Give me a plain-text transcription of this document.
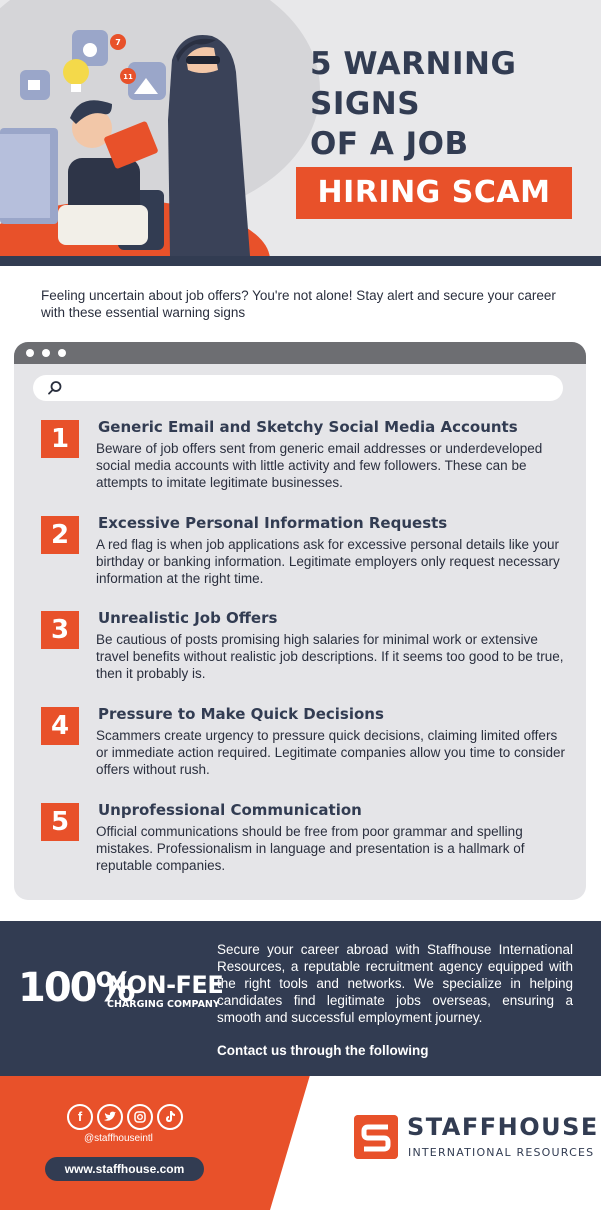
7
11	5 WARNING
SIGNS
OF A JOB
HIRING SCAM

Feeling uncertain about job offers? You're not alone! Stay alert and secure your career with these essential warning signs

1	Generic Email and Sketchy Social Media Accounts

Beware of job offers sent from generic email addresses or underdeveloped social media accounts with little activity and few followers. These can be attempts to imitate legitimate businesses.

2	Excessive Personal Information Requests

A red flag is when job applications ask for excessive personal details like your birthday or banking information. Legitimate employers only request necessary information at the right time.

3	Unrealistic Job Offers

Be cautious of posts promising high salaries for minimal work or extensive travel benefits without realistic job descriptions. If it seems too good to be true, then it probably is.

4	Pressure to Make Quick Decisions

Scammers create urgency to pressure quick decisions, claiming limited offers or immediate action required. Legitimate companies allow you time to consider offers without rush.

5	Unprofessional Communication

Official communications should be free from poor grammar and spelling mistakes. Professionalism in language and presentation is a hallmark of reputable companies.

100%
NON-FEE
CHARGING COMPANY

Secure your career abroad with Staffhouse International Resources, a reputable recruitment agency equipped with the right tools and networks. We specialize in helping candidates find legitimate jobs overseas, ensuring a smooth and successful employment journey.

Contact us through the following
f
@staffhouseintl
www.staffhouse.com
STAFFHOUSE
INTERNATIONAL RESOURCES
